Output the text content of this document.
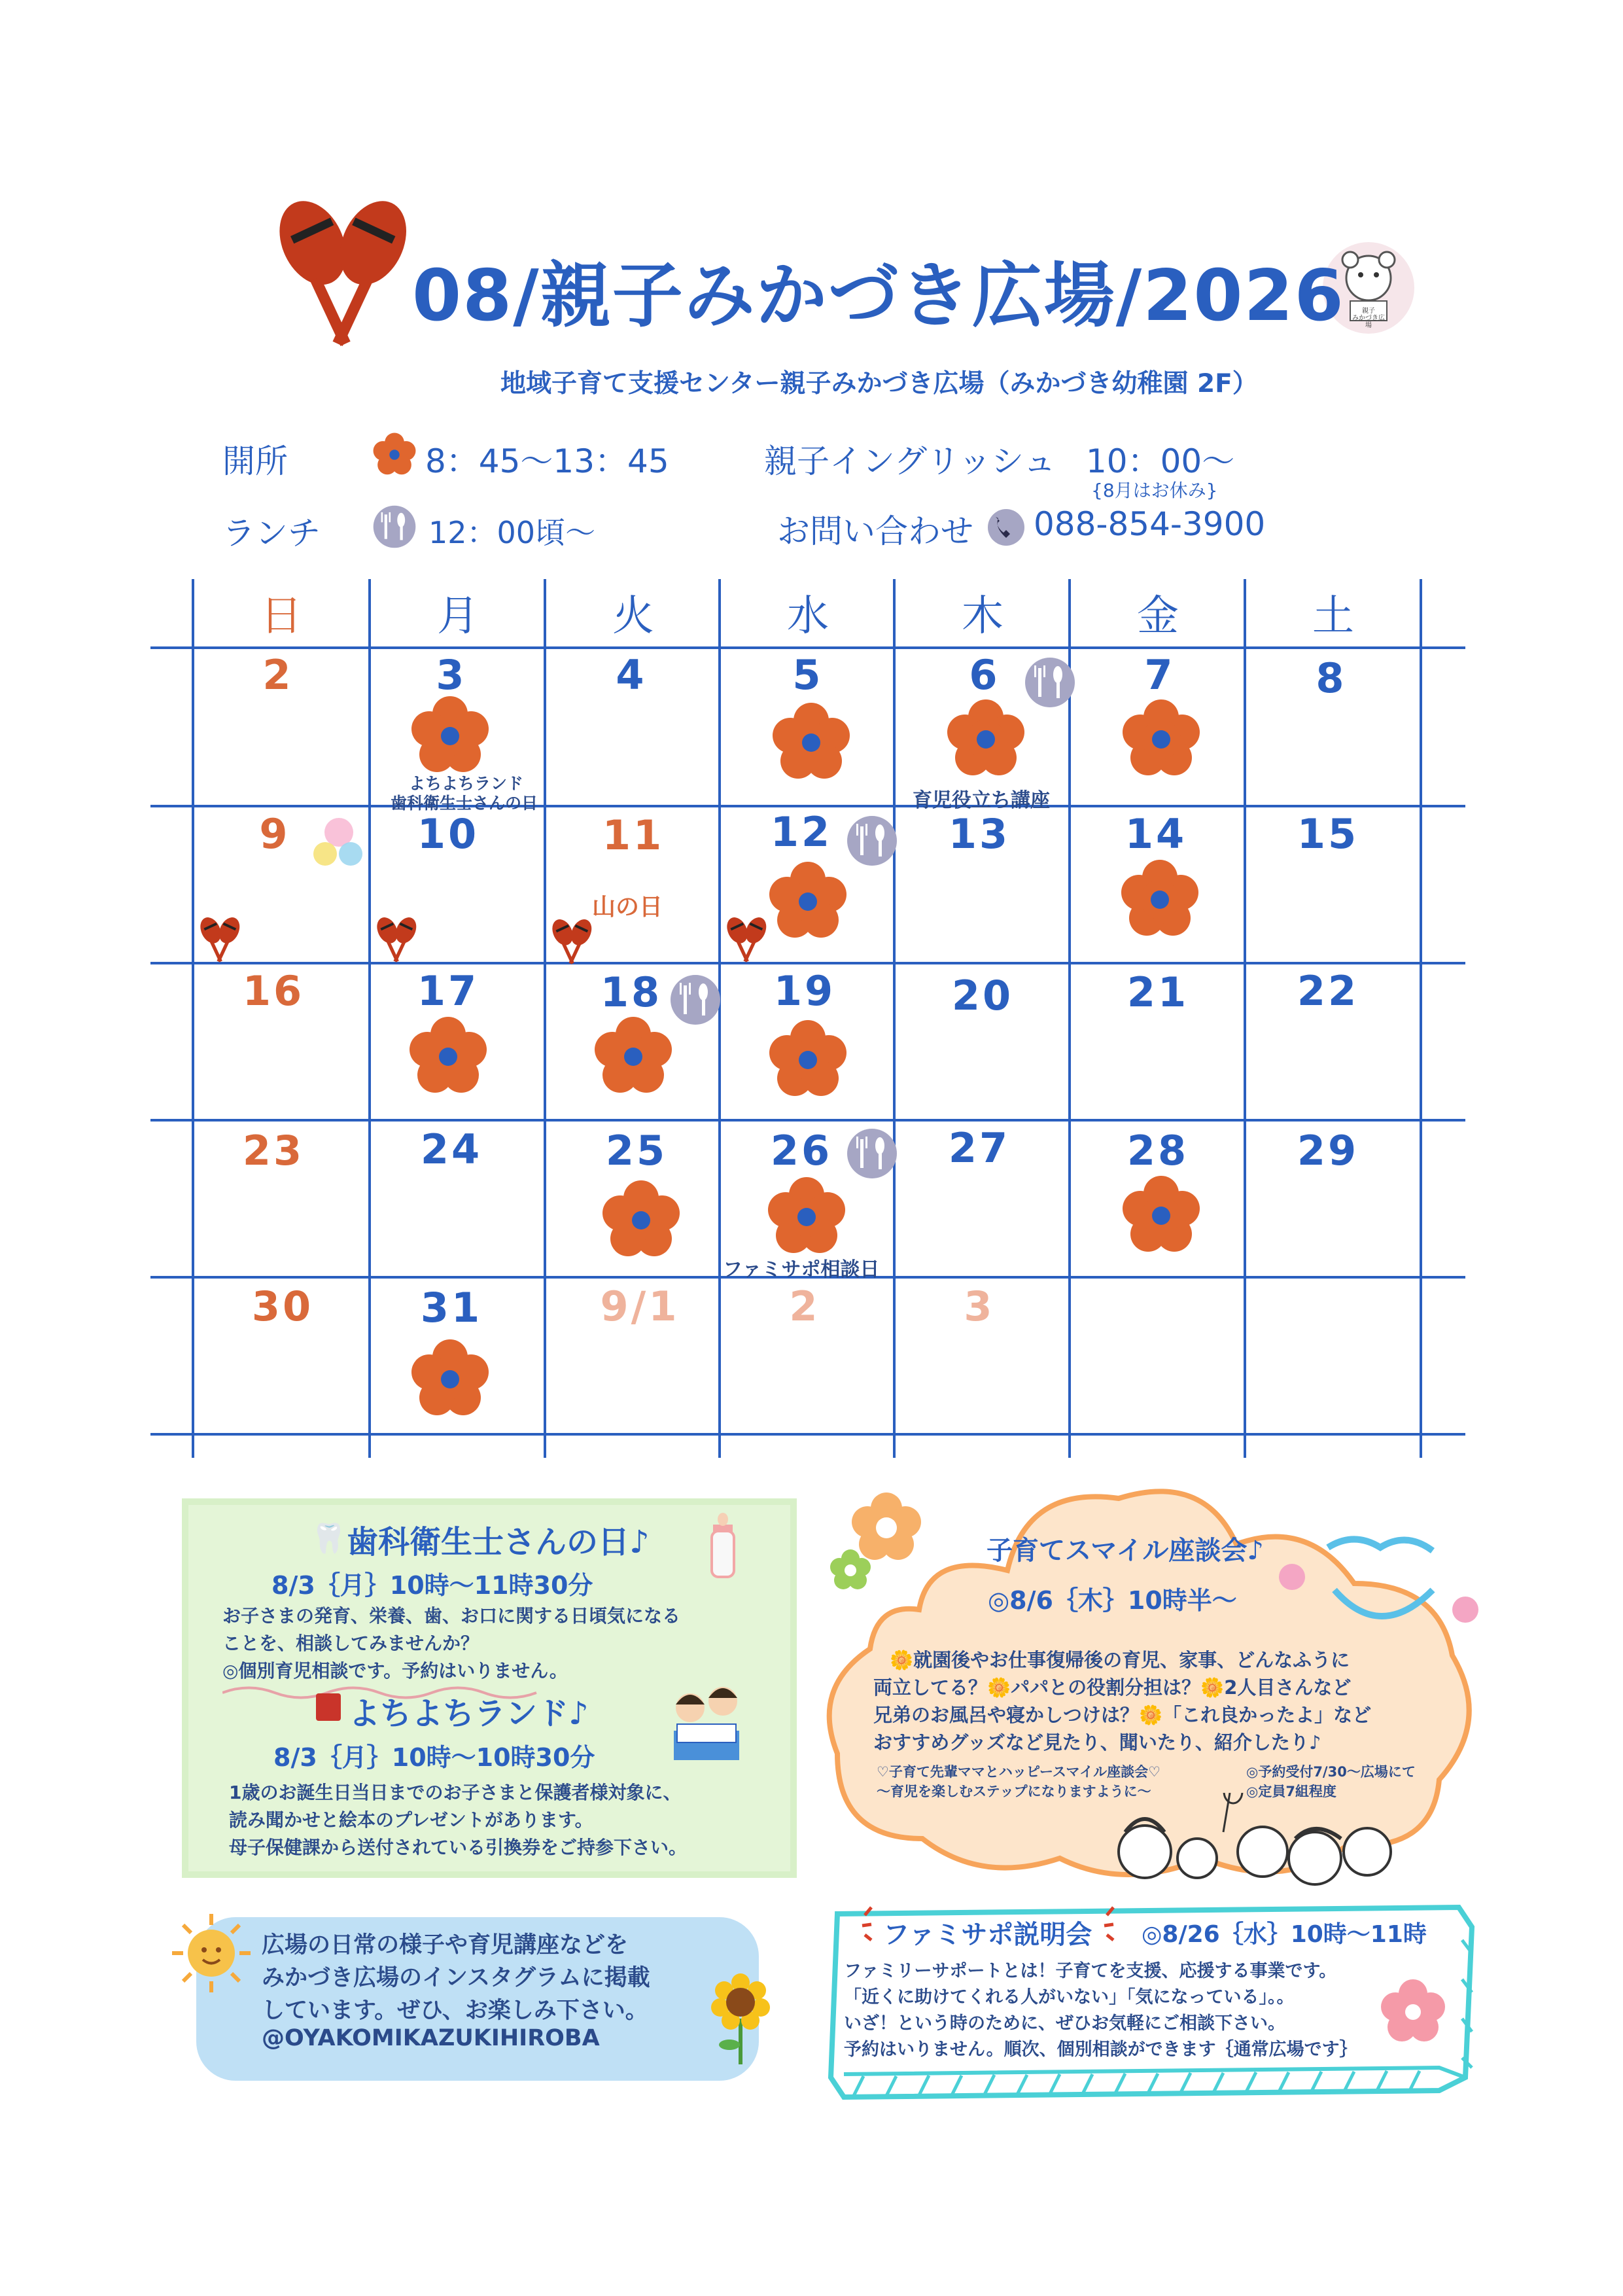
08/親子みかづき広場/2026
地域子育て支援センター親子みかづき広場（みかづき幼稚園 2F）
親子
みかづき広場
開所	8：45〜13：45	親子イングリッシュ 10：00〜
{8月はお休み}
ランチ	12：00頃〜	お問い合わせ 088-854-3900
日	月	火	水	木	金	土
2	3	4	5	6	7	8
よちよちランド
歯科衛生士さんの日	育児役立ち講座
9	10	11	12	13	14	15
山の日
16	17	18	19	20	21	22
23	24	25	26	27	28	29
ファミサポ相談日
30	31	9/1	2	3
🦷 歯科衛生士さんの日♪
8/3｛月｝10時〜11時30分
お子さまの発育、栄養、歯、お口に関する日頃気になる
ことを、相談してみませんか？
◎個別育児相談です。予約はいりません。
よちよちランド♪
8/3｛月｝10時〜10時30分
1歳のお誕生日当日までのお子さまと保護者様対象に、
読み聞かせと絵本のプレゼントがあります。
母子保健課から送付されている引換券をご持参下さい。
広場の日常の様子や育児講座などを
みかづき広場のインスタグラムに掲載
しています。ぜひ、お楽しみ下さい。
@OYAKOMIKAZUKIHIROBA
子育てスマイル座談会♪
◎8/6｛木｝10時半〜
🌼就園後やお仕事復帰後の育児、家事、どんなふうに
両立してる？🌼パパとの役割分担は？🌼2人目さんなど
兄弟のお風呂や寝かしつけは？🌼「これ良かったよ」など
おすすめグッズなど見たり、聞いたり、紹介したり♪
♡子育て先輩ママとハッピースマイル座談会♡
〜育児を楽しむステップになりますように〜
◎予約受付7/30〜広場にて
◎定員7組程度
ファミサポ説明会 ◎8/26｛水｝10時〜11時
ファミリーサポートとは！子育てを支援、応援する事業です。
「近くに助けてくれる人がいない」「気になっている」。。
いざ！という時のために、ぜひお気軽にご相談下さい。
予約はいりません。順次、個別相談ができます｛通常広場です｝
